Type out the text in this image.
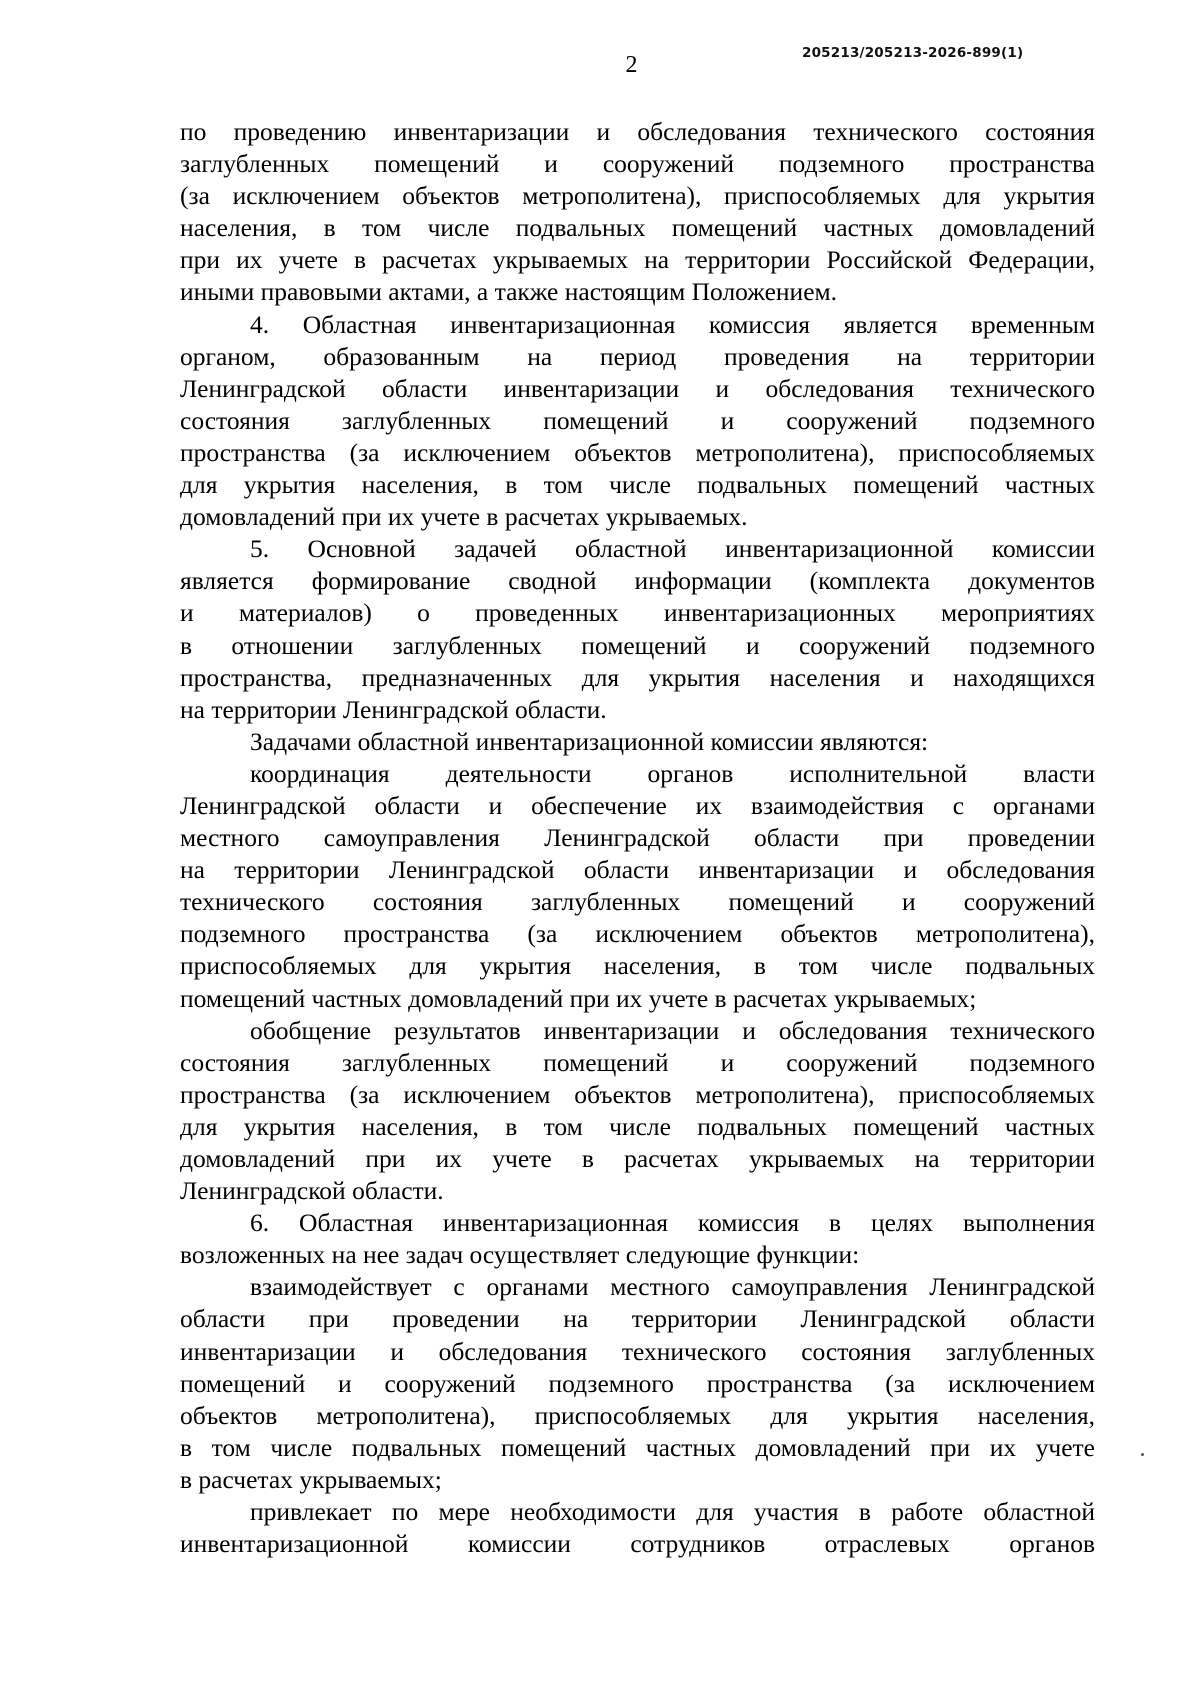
205213/205213-2026-899(1)
2
по проведению инвентаризации и обследования технического состояния
заглубленных помещений и сооружений подземного пространства
(за исключением объектов метрополитена), приспособляемых для укрытия
населения, в том числе подвальных помещений частных домовладений
при их учете в расчетах укрываемых на территории Российской Федерации,
иными правовыми актами, а также настоящим Положением.
4. Областная инвентаризационная комиссия является временным
органом, образованным на период проведения на территории
Ленинградской области инвентаризации и обследования технического
состояния заглубленных помещений и сооружений подземного
пространства (за исключением объектов метрополитена), приспособляемых
для укрытия населения, в том числе подвальных помещений частных
домовладений при их учете в расчетах укрываемых.
5. Основной задачей областной инвентаризационной комиссии
является формирование сводной информации (комплекта документов
и материалов) о проведенных инвентаризационных мероприятиях
в отношении заглубленных помещений и сооружений подземного
пространства, предназначенных для укрытия населения и находящихся
на территории Ленинградской области.
Задачами областной инвентаризационной комиссии являются:
координация деятельности органов исполнительной власти
Ленинградской области и обеспечение их взаимодействия с органами
местного самоуправления Ленинградской области при проведении
на территории Ленинградской области инвентаризации и обследования
технического состояния заглубленных помещений и сооружений
подземного пространства (за исключением объектов метрополитена),
приспособляемых для укрытия населения, в том числе подвальных
помещений частных домовладений при их учете в расчетах укрываемых;
обобщение результатов инвентаризации и обследования технического
состояния заглубленных помещений и сооружений подземного
пространства (за исключением объектов метрополитена), приспособляемых
для укрытия населения, в том числе подвальных помещений частных
домовладений при их учете в расчетах укрываемых на территории
Ленинградской области.
6. Областная инвентаризационная комиссия в целях выполнения
возложенных на нее задач осуществляет следующие функции:
взаимодействует с органами местного самоуправления Ленинградской
области при проведении на территории Ленинградской области
инвентаризации и обследования технического состояния заглубленных
помещений и сооружений подземного пространства (за исключением
объектов метрополитена), приспособляемых для укрытия населения,
в том числе подвальных помещений частных домовладений при их учете
в расчетах укрываемых;
привлекает по мере необходимости для участия в работе областной
инвентаризационной комиссии сотрудников отраслевых органов
